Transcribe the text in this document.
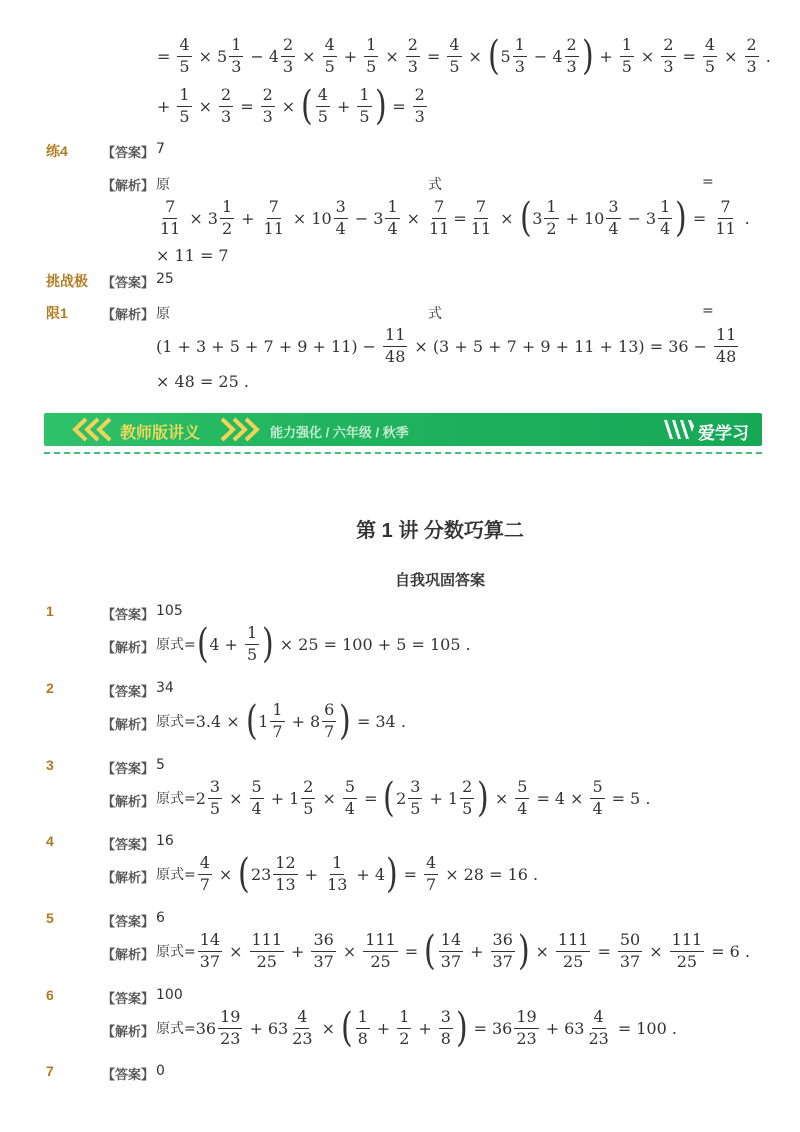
= $\frac{4}{5} \times 5$
1
3
− $4 \frac{2}{3} \times \frac{4}{5} + \frac{1}{5} \times \frac{2}{3} = \frac{4}{5}$ × ( 5
1
3
− 4
2
3 ) + $\frac{1}{5} \times \frac{2}{3} = \frac{4}{5} \times \frac{2}{3}$ .
+ $\frac{1}{5} \times \frac{2}{3} = \frac{2}{3}$ × ( 4
5
+ $\frac{1}{5}$ ) = $\frac{2}{3}$
练4	【答案】 7
【解析】 原	式	=
$\frac{7}{11} \times 3$
1
2
+ $\frac{7}{11} \times 10$
3
4
− $3 \frac{1}{4} \times \frac{7}{11} = \frac{7}{11}$ × ( 3
1
2
+ 10
3
4
− 3
1
4 ) = $\frac{7}{11}$ .
× 11 = 7
挑战极 【答案】 25
限1	【解析】 原	式	=
$(1 + 3 + 5 + 7 + 9 + 11) - \frac{11}{48} \times (3 + 5 + 7 + 9 + 11 + 13) = 36 - \frac{11}{48}$
× 48 = 25 .
教师版讲义	能力强化 / 六年级 / 秋季	爱学习
第 1 讲 分数巧算二
自我巩固答案
1	【答案】 105
【解析】 原式= ( $4 + \frac{1}{5}$ ) × 25 = 100 + 5 = 105 .
2	【答案】 34
【解析】 原式= 3.4 × ( 1
1
7
+ 8
6
7 ) = 34 .
3	【答案】 5
【解析】 原式= $2 \frac{3}{5} \times \frac{5}{4} + 1 \frac{2}{5} \times \frac{5}{4}$ = ( 2
3
5
+ 1
2
5 ) × $\frac{5}{4} = 4 \times \frac{5}{4} = 5$ .
4	【答案】 16
【解析】 原式= $\frac{4}{7}$ × ( 23
12
13
+ $\frac{1}{13} + 4$ ) = $\frac{4}{7} \times 28 = 16$ .
5	【答案】 6
【解析】 原式= $\frac{14}{37} \times \frac{111}{25} + \frac{36}{37} \times \frac{111}{25}$ = ( 14
37
+ $\frac{36}{37}$ ) × $\frac{111}{25} = \frac{50}{37} \times \frac{111}{25} = 6$ .
6	【答案】 100
【解析】 原式= 36
19
23
+ $63 \frac{4}{23}$ × ( 1
8
+ $\frac{1}{2} + \frac{3}{8}$ ) = 36
19
23
+ $63 \frac{4}{23} = 100$ .
7	【答案】 0
